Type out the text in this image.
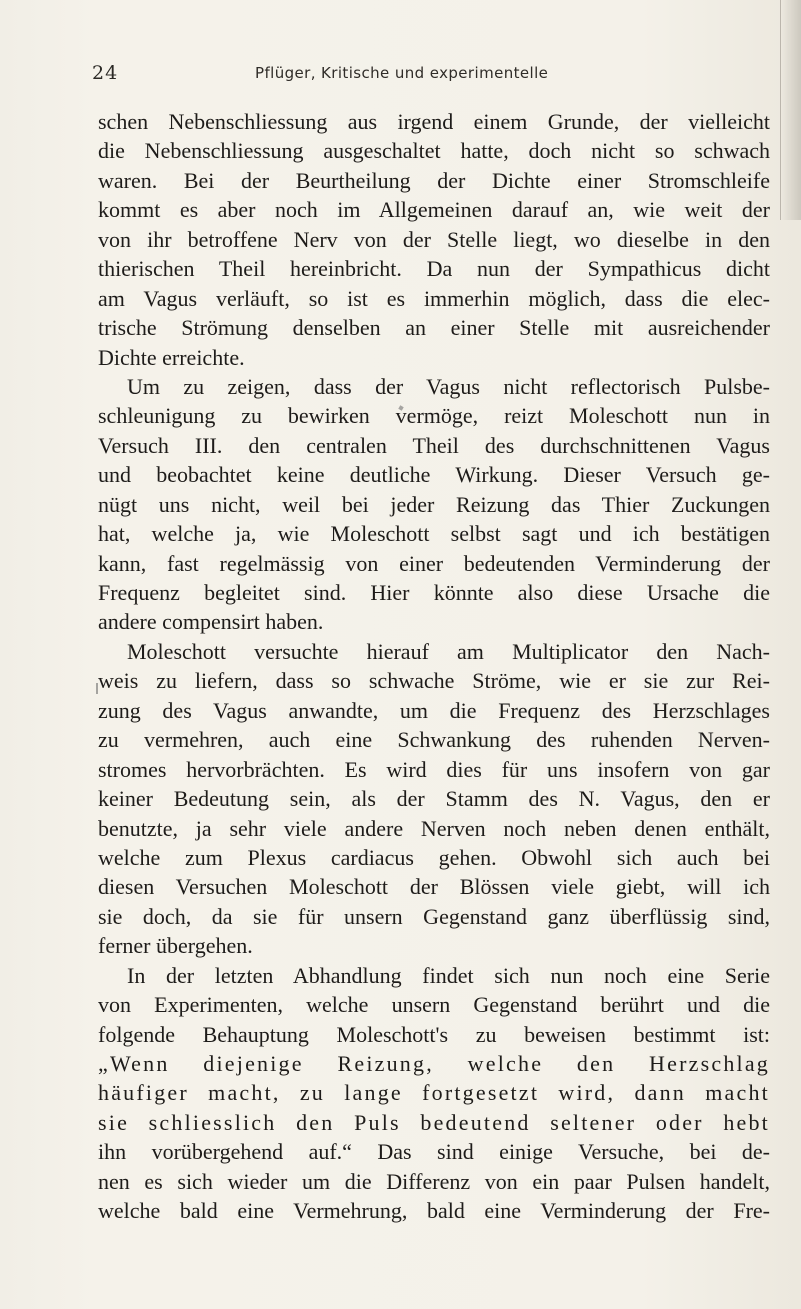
24	Pflüger, Kritische und experimentelle
schen Nebenschliessung aus irgend einem Grunde, der vielleicht
die Nebenschliessung ausgeschaltet hatte, doch nicht so schwach
waren. Bei der Beurtheilung der Dichte einer Stromschleife
kommt es aber noch im Allgemeinen darauf an, wie weit der
von ihr betroffene Nerv von der Stelle liegt, wo dieselbe in den
thierischen Theil hereinbricht. Da nun der Sympathicus dicht
am Vagus verläuft, so ist es immerhin möglich, dass die elec-
trische Strömung denselben an einer Stelle mit ausreichender
Dichte erreichte.
Um zu zeigen, dass der Vagus nicht reflectorisch Pulsbe-
schleunigung zu bewirken vermöge, reizt Moleschott nun in
Versuch III. den centralen Theil des durchschnittenen Vagus
und beobachtet keine deutliche Wirkung. Dieser Versuch ge-
nügt uns nicht, weil bei jeder Reizung das Thier Zuckungen
hat, welche ja, wie Moleschott selbst sagt und ich bestätigen
kann, fast regelmässig von einer bedeutenden Verminderung der
Frequenz begleitet sind. Hier könnte also diese Ursache die
andere compensirt haben.
Moleschott versuchte hierauf am Multiplicator den Nach-
weis zu liefern, dass so schwache Ströme, wie er sie zur Rei-
zung des Vagus anwandte, um die Frequenz des Herzschlages
zu vermehren, auch eine Schwankung des ruhenden Nerven-
stromes hervorbrächten. Es wird dies für uns insofern von gar
keiner Bedeutung sein, als der Stamm des N. Vagus, den er
benutzte, ja sehr viele andere Nerven noch neben denen enthält,
welche zum Plexus cardiacus gehen. Obwohl sich auch bei
diesen Versuchen Moleschott der Blössen viele giebt, will ich
sie doch, da sie für unsern Gegenstand ganz überflüssig sind,
ferner übergehen.
In der letzten Abhandlung findet sich nun noch eine Serie
von Experimenten, welche unsern Gegenstand berührt und die
folgende Behauptung Moleschott's zu beweisen bestimmt ist:
„Wenn diejenige Reizung, welche den Herzschlag
häufiger macht, zu lange fortgesetzt wird, dann macht
sie schliesslich den Puls bedeutend seltener oder hebt
ihn vorübergehend auf.“ Das sind einige Versuche, bei de-
nen es sich wieder um die Differenz von ein paar Pulsen handelt,
welche bald eine Vermehrung, bald eine Verminderung der Fre-
